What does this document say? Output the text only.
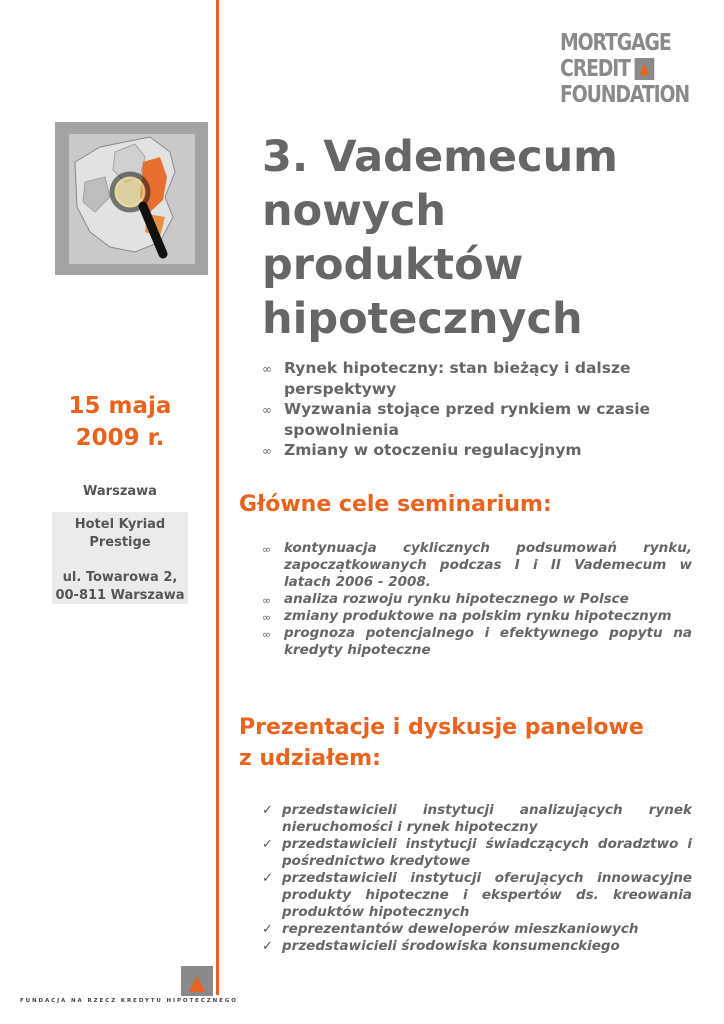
MORTGAGE
CREDIT
FOUNDATION
3. Vademecum
nowych
produktów
hipotecznych
∞ Rynek hipoteczny: stan bieżący i dalsze perspektywy
∞ Wyzwania stojące przed rynkiem w czasie spowolnienia
∞ Zmiany w otoczeniu regulacyjnym
15 maja
2009 r.
Warszawa
Hotel Kyriad
Prestige
ul. Towarowa 2,
00-811 Warszawa
Główne cele seminarium:
∞ kontynuacja cyklicznych podsumowań rynku, zapoczątkowanych podczas I i II Vademecum w latach 2006 - 2008.
∞ analiza rozwoju rynku hipotecznego w Polsce
∞ zmiany produktowe na polskim rynku hipotecznym
∞ prognoza potencjalnego i efektywnego popytu na kredyty hipoteczne
Prezentacje i dyskusje panelowe
z udziałem:
✓ przedstawicieli instytucji analizujących rynek nieruchomości i rynek hipoteczny
✓ przedstawicieli instytucji świadczących doradztwo i pośrednictwo kredytowe
✓ przedstawicieli instytucji oferujących innowacyjne produkty hipoteczne i ekspertów ds. kreowania produktów hipotecznych
✓ reprezentantów deweloperów mieszkaniowych
✓ przedstawicieli środowiska konsumenckiego
FUNDACJA NA RZECZ KREDYTU HIPOTECZNEGO
